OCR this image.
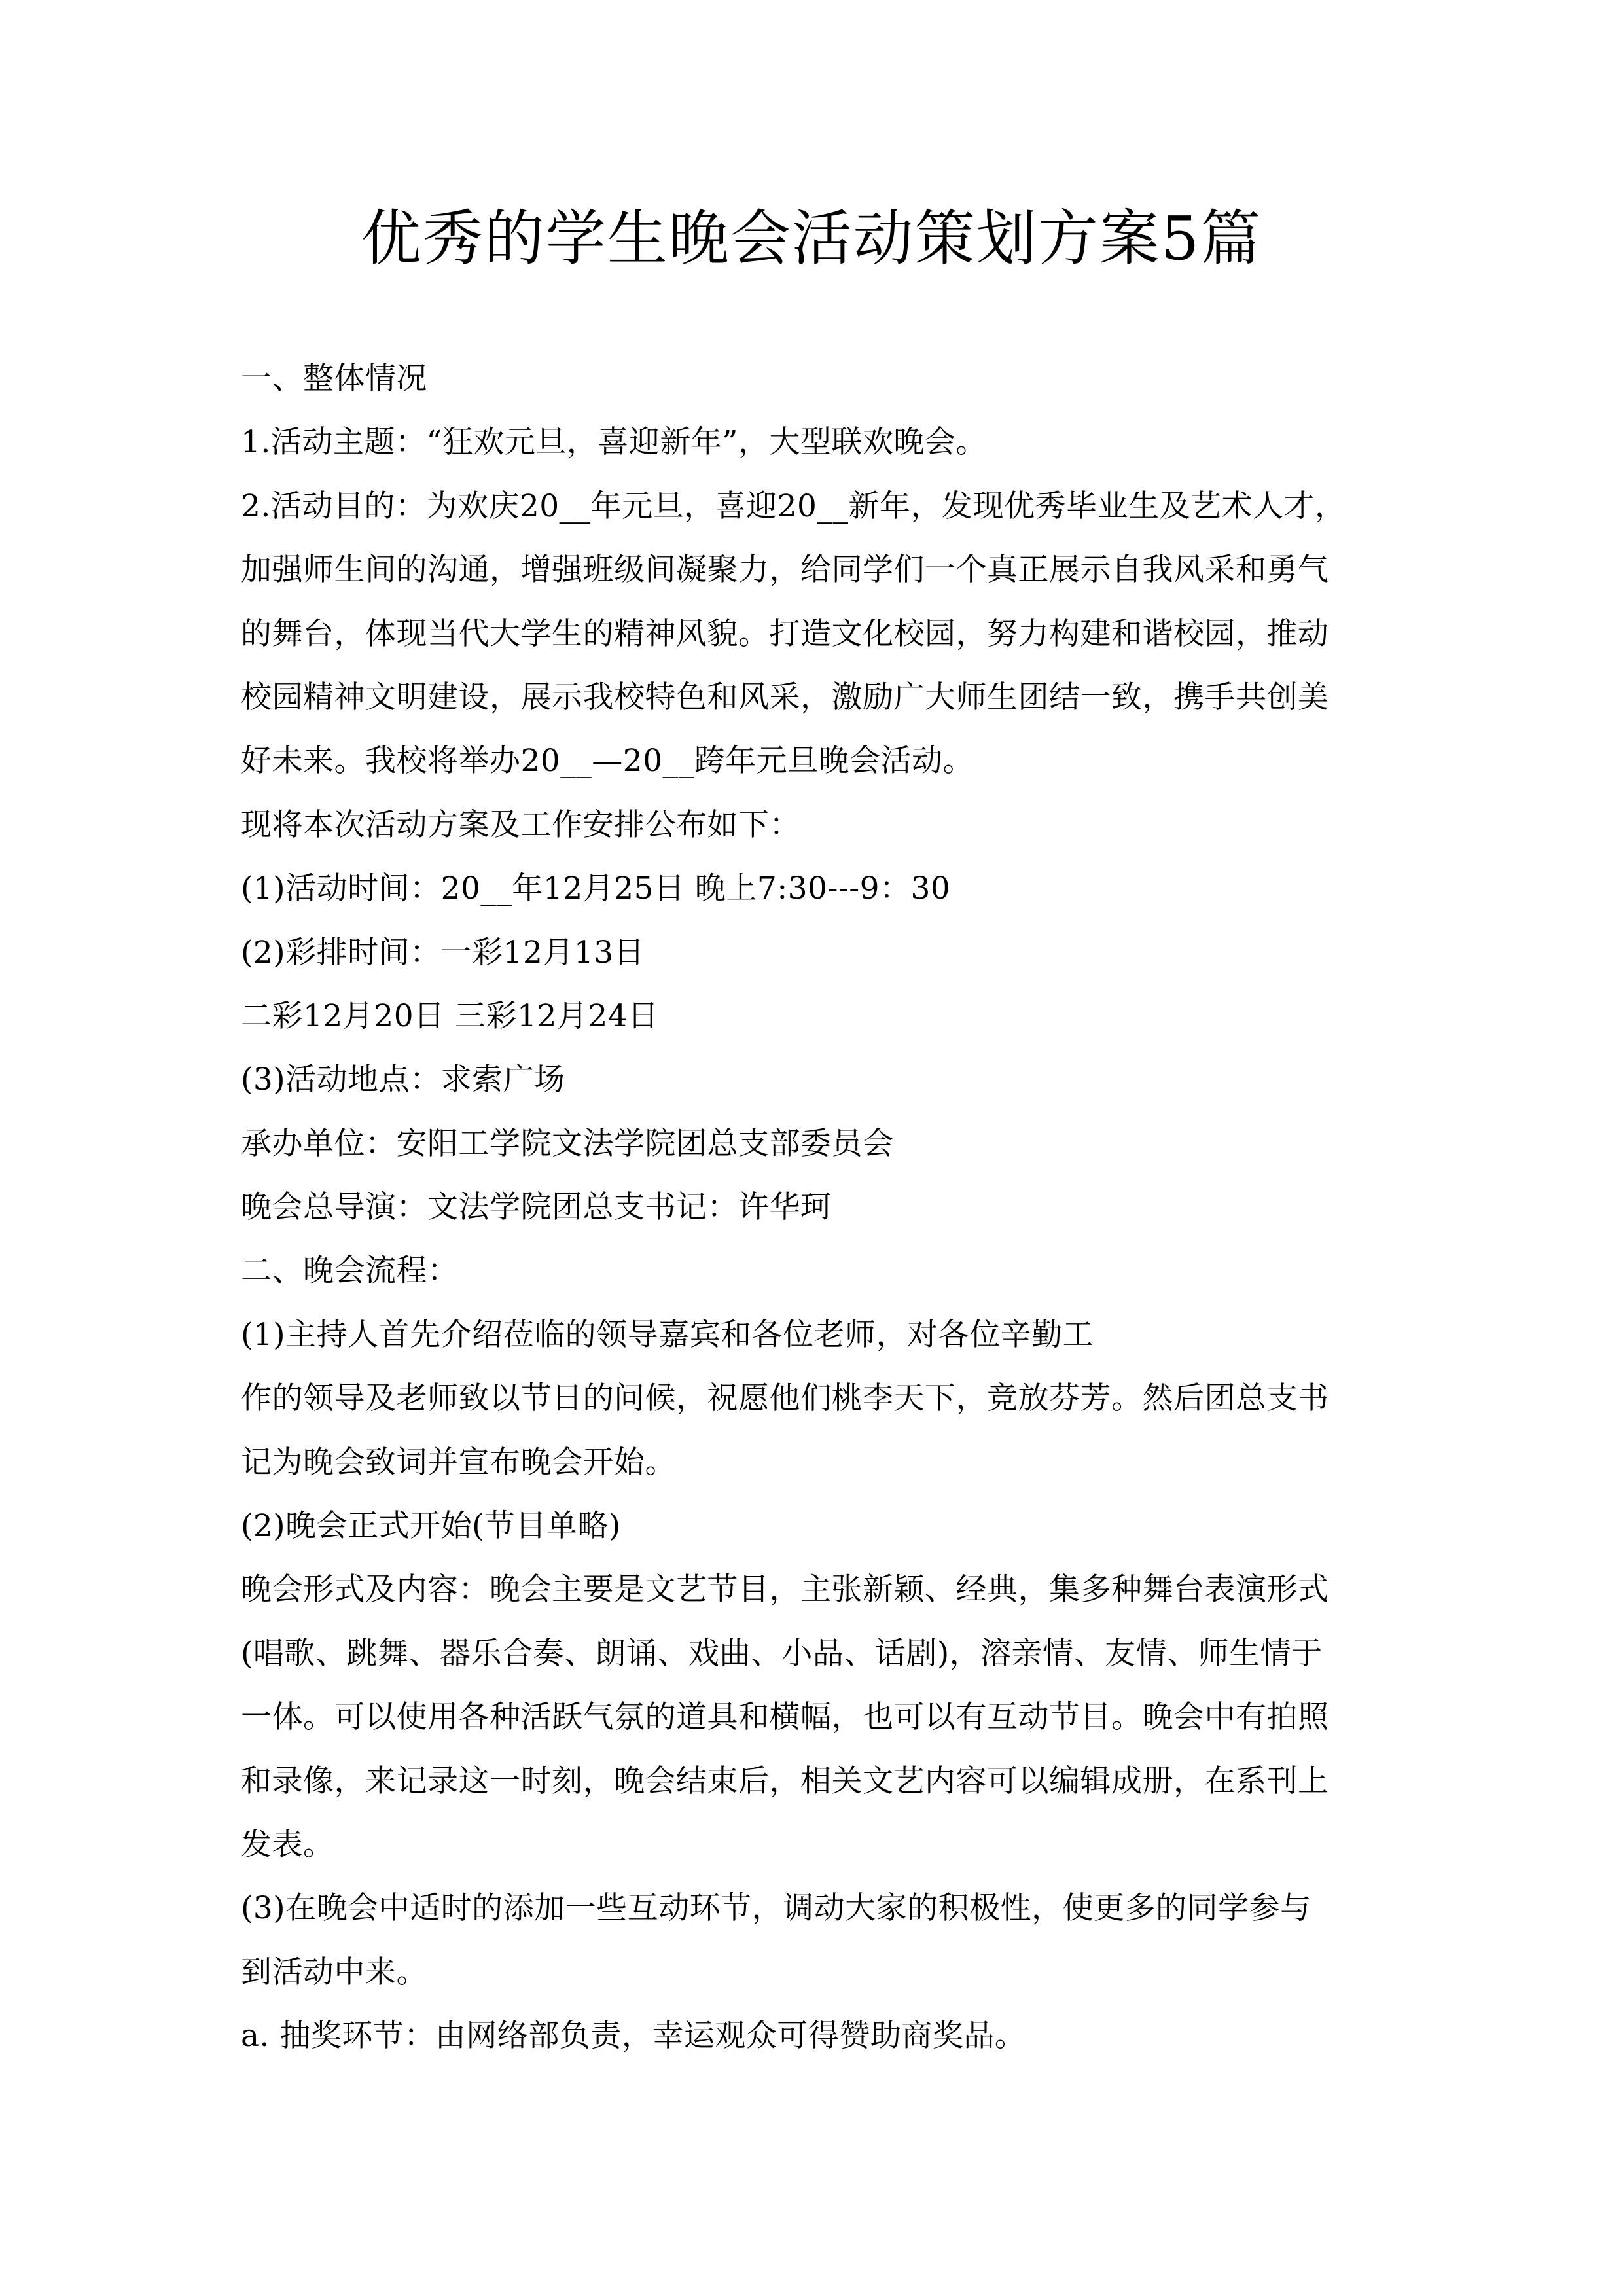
优秀的学生晚会活动策划方案5篇
一、整体情况
1.活动主题：“狂欢元旦，喜迎新年”，大型联欢晚会。
2.活动目的：为欢庆20__年元旦，喜迎20__新年，发现优秀毕业生及艺术人才，
加强师生间的沟通，增强班级间凝聚力，给同学们一个真正展示自我风采和勇气
的舞台，体现当代大学生的精神风貌。打造文化校园，努力构建和谐校园，推动
校园精神文明建设，展示我校特色和风采，激励广大师生团结一致，携手共创美
好未来。我校将举办20__—20__跨年元旦晚会活动。
现将本次活动方案及工作安排公布如下：
(1)活动时间：20__年12月25日 晚上7:30---9：30
(2)彩排时间：一彩12月13日
二彩12月20日 三彩12月24日
(3)活动地点：求索广场
承办单位：安阳工学院文法学院团总支部委员会
晚会总导演：文法学院团总支书记：许华珂
二、晚会流程：
(1)主持人首先介绍莅临的领导嘉宾和各位老师，对各位辛勤工
作的领导及老师致以节日的问候，祝愿他们桃李天下，竞放芬芳。然后团总支书
记为晚会致词并宣布晚会开始。
(2)晚会正式开始(节目单略)
晚会形式及内容：晚会主要是文艺节目，主张新颖、经典，集多种舞台表演形式
(唱歌、跳舞、器乐合奏、朗诵、戏曲、小品、话剧)，溶亲情、友情、师生情于
一体。可以使用各种活跃气氛的道具和横幅，也可以有互动节目。晚会中有拍照
和录像，来记录这一时刻，晚会结束后，相关文艺内容可以编辑成册，在系刊上
发表。
(3)在晚会中适时的添加一些互动环节，调动大家的积极性，使更多的同学参与
到活动中来。
a. 抽奖环节：由网络部负责，幸运观众可得赞助商奖品。
